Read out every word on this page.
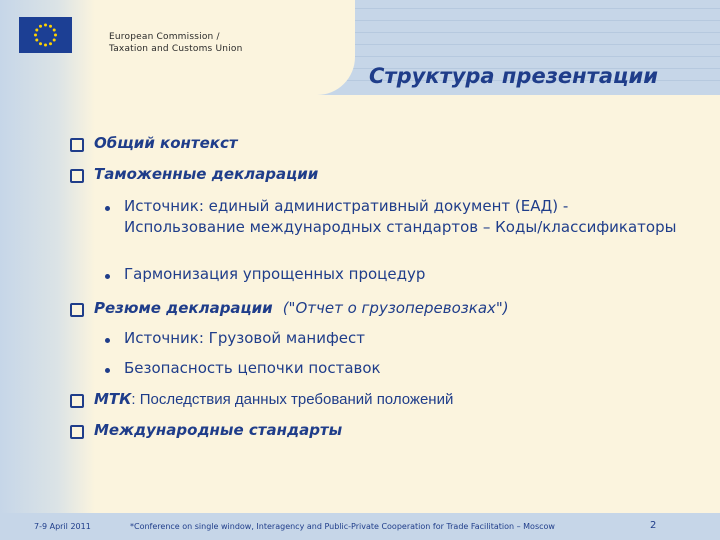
European Commission /
Taxation and Customs Union
Структура презентации
Общий контекст
Таможенные декларации
Источник: единый административный документ (ЕАД) - Использование международных стандартов – Коды/классификаторы
Гармонизация упрощенных процедур
Резюме декларации ("Отчет о грузоперевозках")
Источник: Грузовой манифест
Безопасность цепочки поставок
МТК: Последствия данных требований положений
Международные стандарты
7-9 April 2011	*Conference on single window, Interagency and Public-Private Cooperation for Trade Facilitation – Moscow	2
